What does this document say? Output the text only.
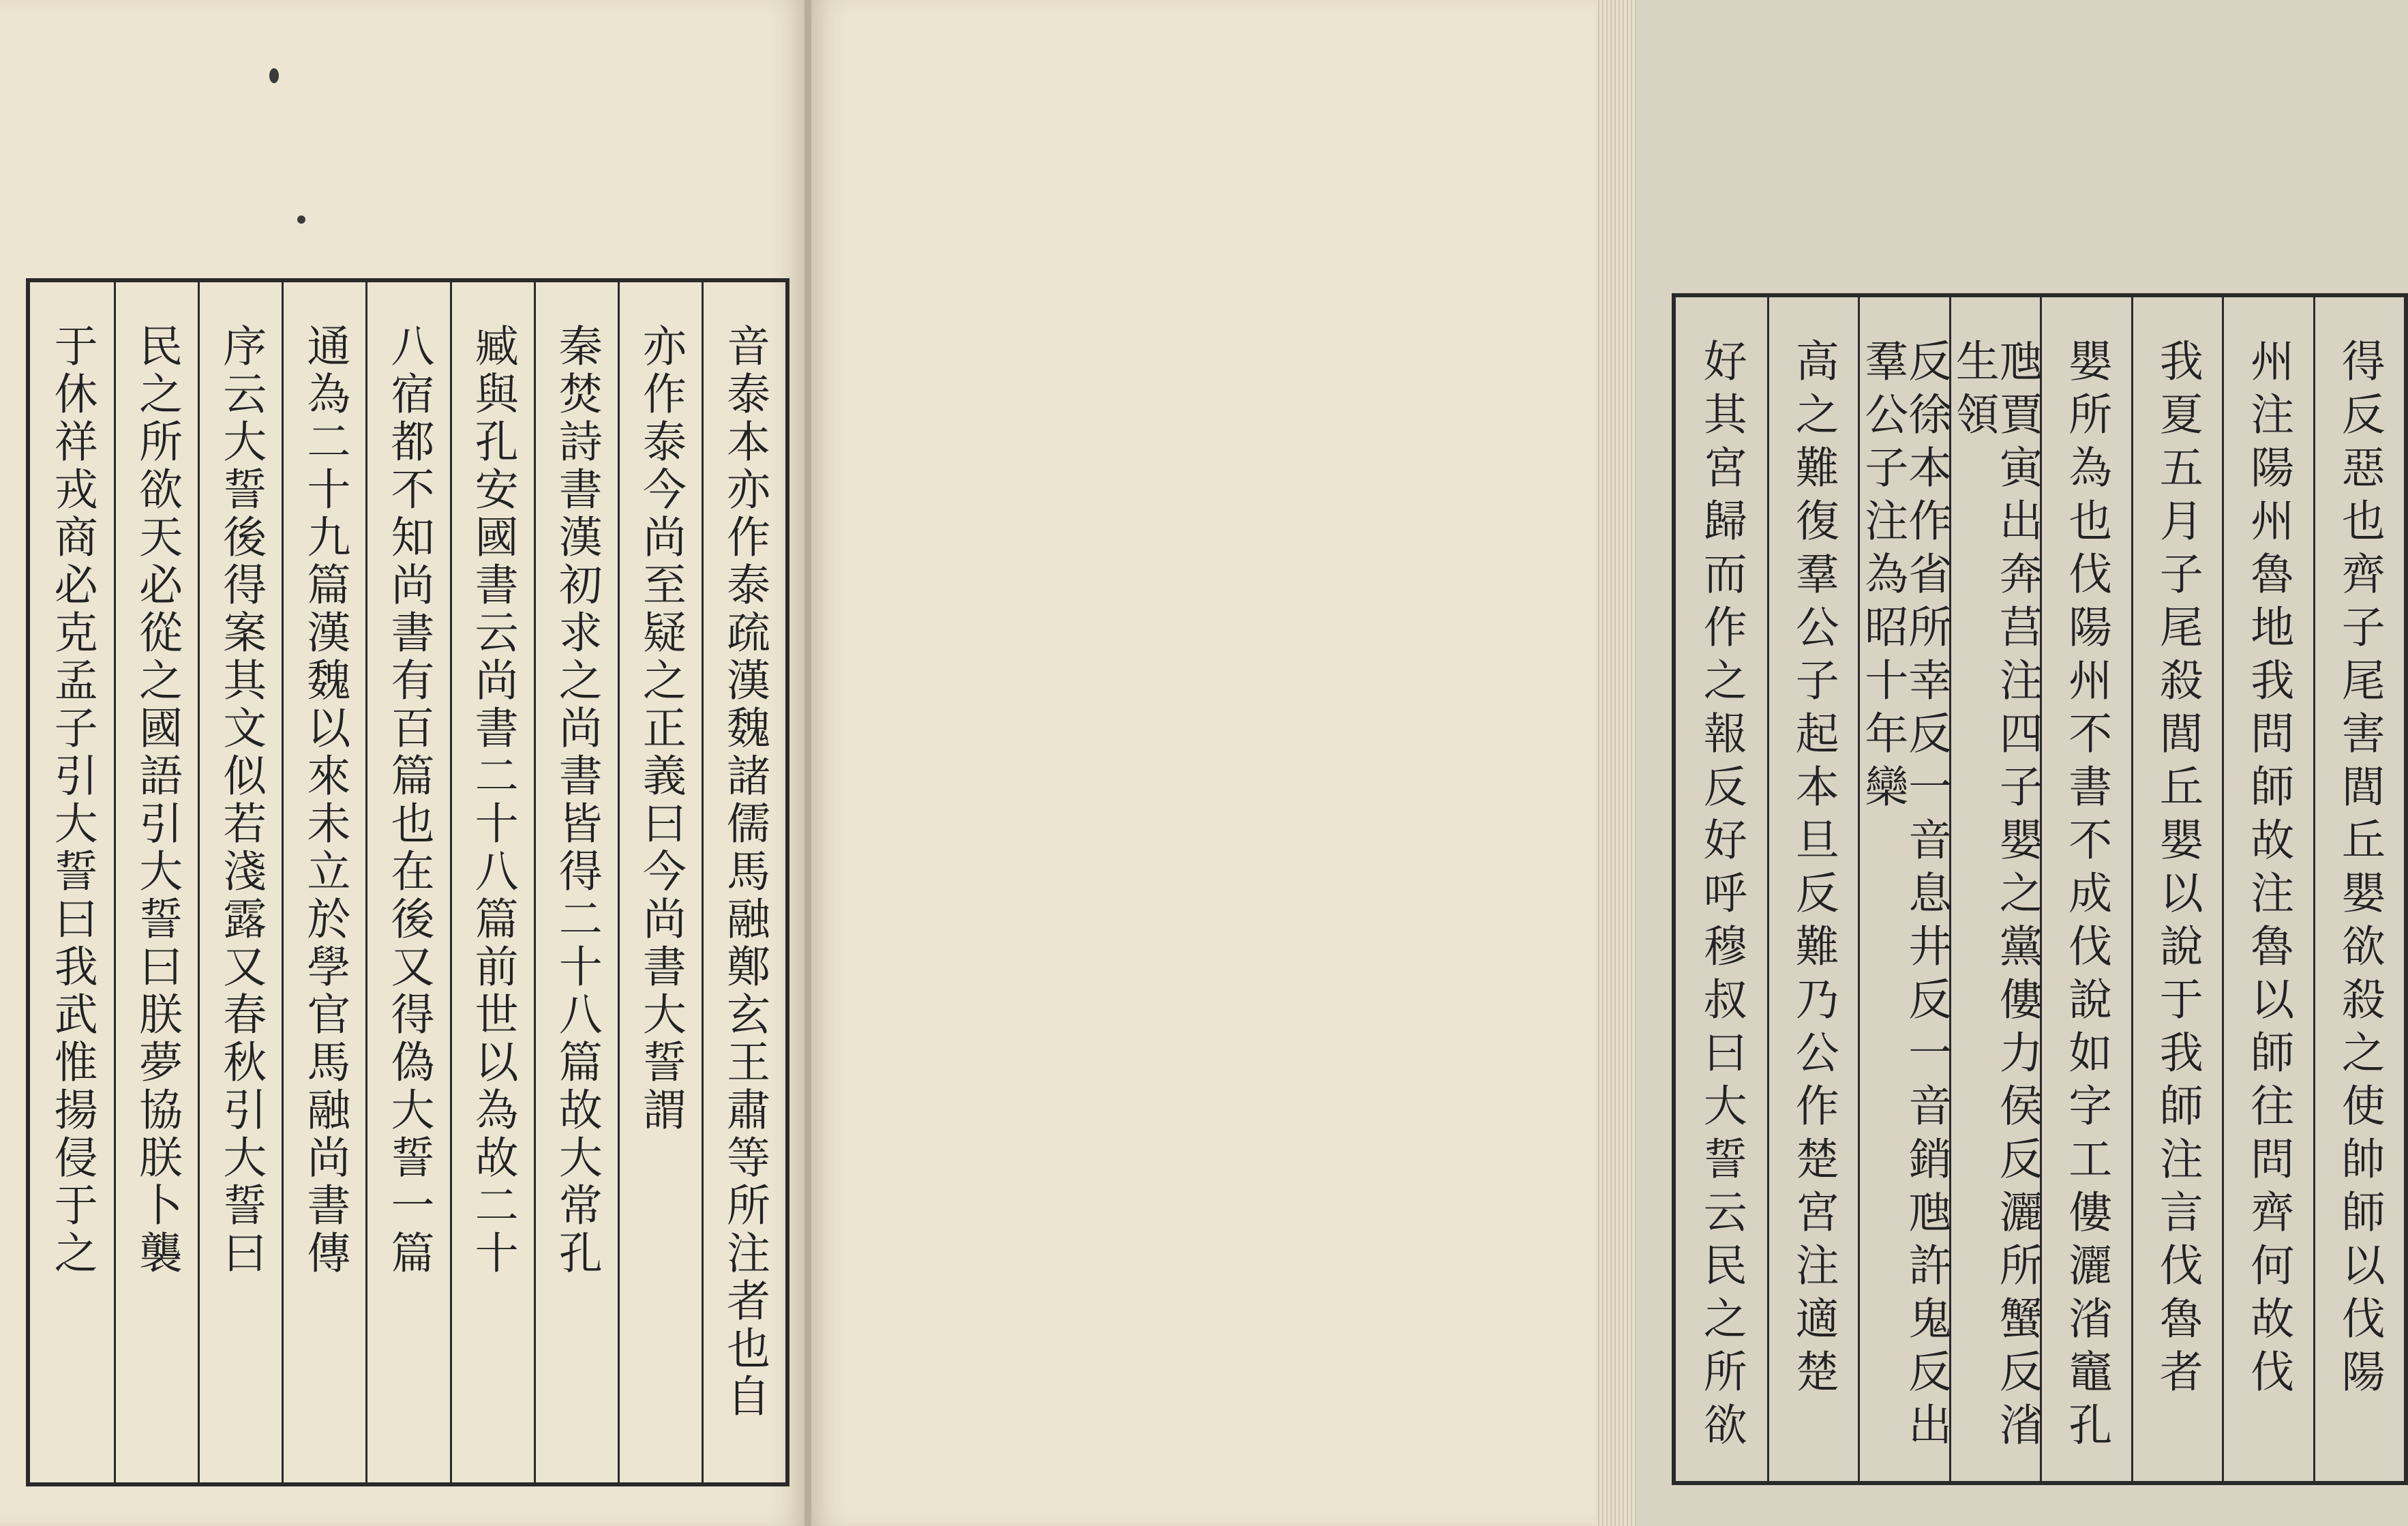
音泰本亦作泰疏漢魏諸儒馬融鄭玄王肅等所注者也自
亦作泰今尚至疑之正義曰今尚書大誓謂
秦焚詩書漢初求之尚書皆得二十八篇故大常孔
臧與孔安國書云尚書二十八篇前世以為故二十
八宿都不知尚書有百篇也在後又得偽大誓一篇
通為二十九篇漢魏以來未立於學官馬融尚書傳
序云大誓後得案其文似若淺露又春秋引大誓曰
民之所欲天必從之國語引大誓曰朕夢協朕卜襲
于休祥戎商必克孟子引大誓曰我武惟揚侵于之	得反惡也齊子尾害閭丘嬰欲殺之使帥師以伐陽
州注陽州魯地我問師故注魯以師往問齊何故伐
我夏五月子尾殺閭丘嬰以說于我師注言伐魯者
嬰所為也伐陽州不書不成伐說如字工僂灑渻竈孔
虺賈寅出奔莒注四子嬰之黨僂力侯反灑所蟹反渻生領
反徐本作省所幸反一音息井反一音銷虺許鬼反出羣公子注為昭十年欒
高之難復羣公子起本旦反難乃公作楚宮注適楚
好其宮歸而作之報反好呼穆叔曰大誓云民之所欲
